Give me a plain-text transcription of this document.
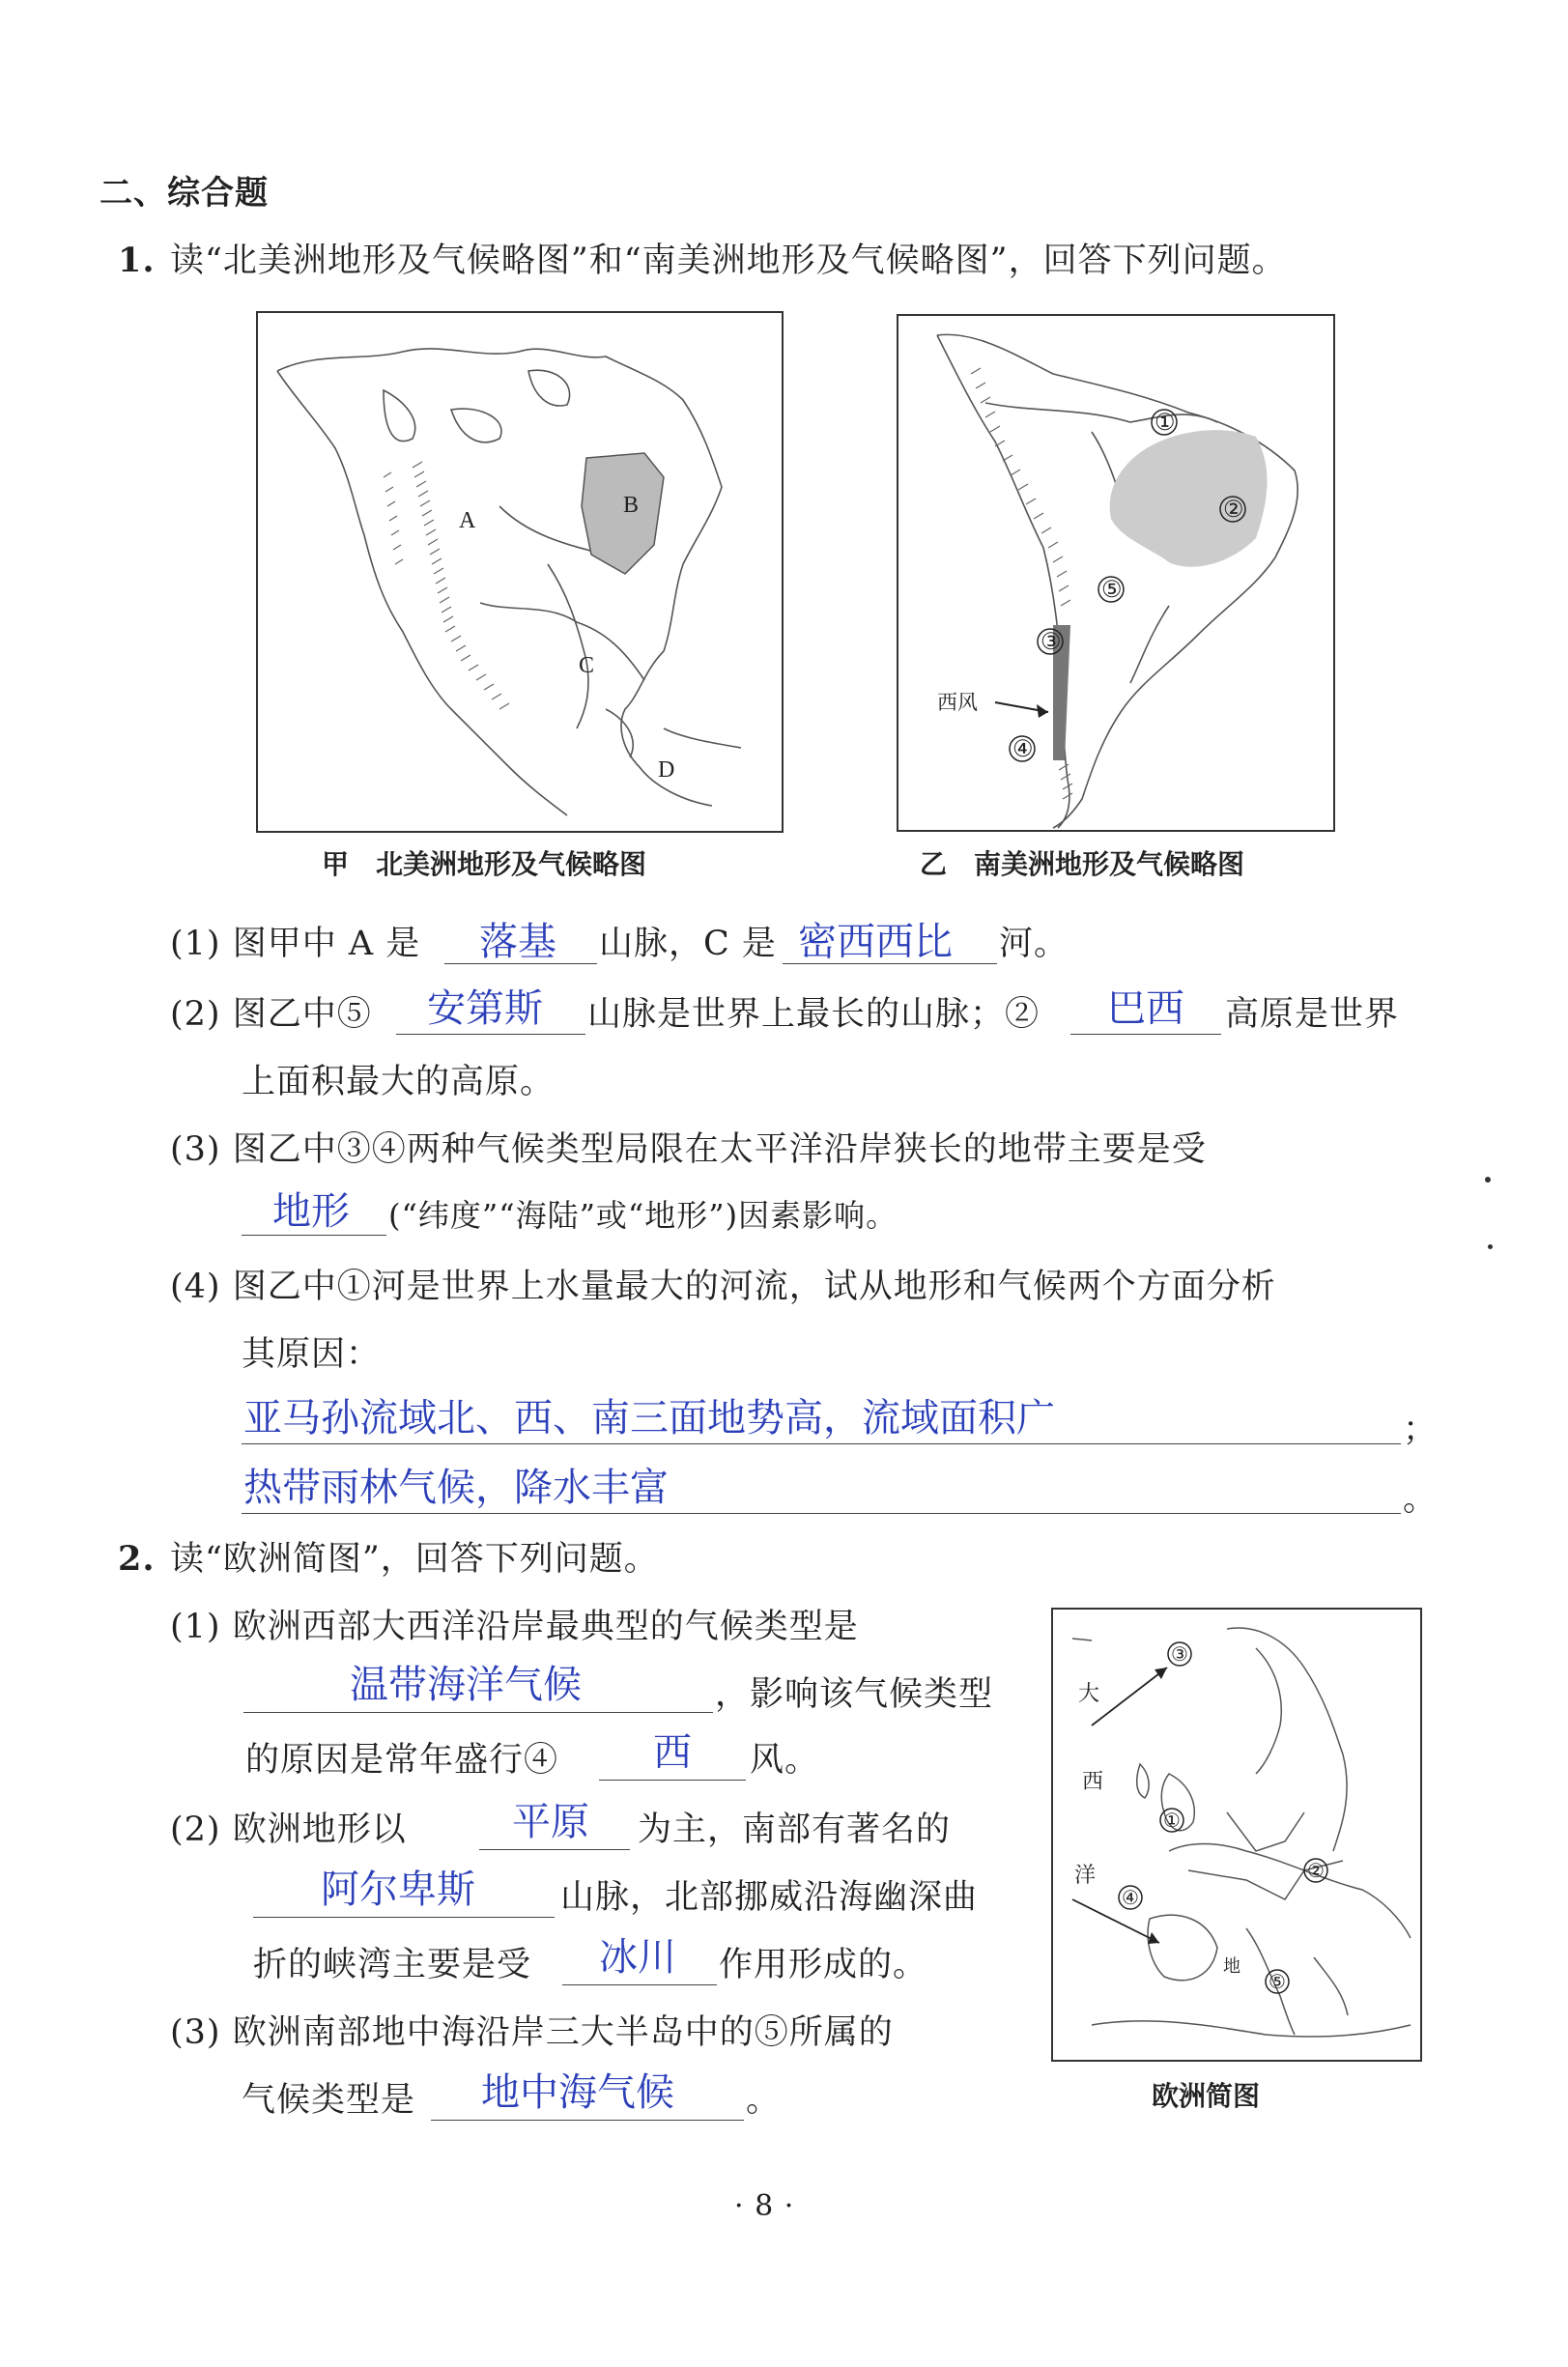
二、综合题
1. 读“北美洲地形及气候略图”和“南美洲地形及气候略图”，回答下列问题。
A
B
C
D
甲　北美洲地形及气候略图
①
②
③
④
⑤
西风
乙　南美洲地形及气候略图
(1) 图甲中 A 是 落基 山脉，C 是 密西西比 河。
(2) 图乙中⑤ 安第斯 山脉是世界上最长的山脉；② 巴西 高原是世界
上面积最大的高原。
(3) 图乙中③④两种气候类型局限在太平洋沿岸狭长的地带主要是受
地形 (“纬度”“海陆”或“地形”)因素影响。
(4) 图乙中①河是世界上水量最大的河流，试从地形和气候两个方面分析
其原因：
亚马孙流域北、西、南三面地势高，流域面积广	；
热带雨林气候，降水丰富	。
2. 读“欧洲简图”，回答下列问题。
大
西
洋
③
①
②
④
⑤
地
欧洲简图
(1) 欧洲西部大西洋沿岸最典型的气候类型是
温带海洋气候	，影响该气候类型
的原因是常年盛行④ 西 风。
(2) 欧洲地形以	平原 为主，南部有著名的
阿尔卑斯	山脉，北部挪威沿海幽深曲
折的峡湾主要是受 冰川 作用形成的。
(3) 欧洲南部地中海沿岸三大半岛中的⑤所属的
气候类型是 地中海气候 。
· 8 ·
